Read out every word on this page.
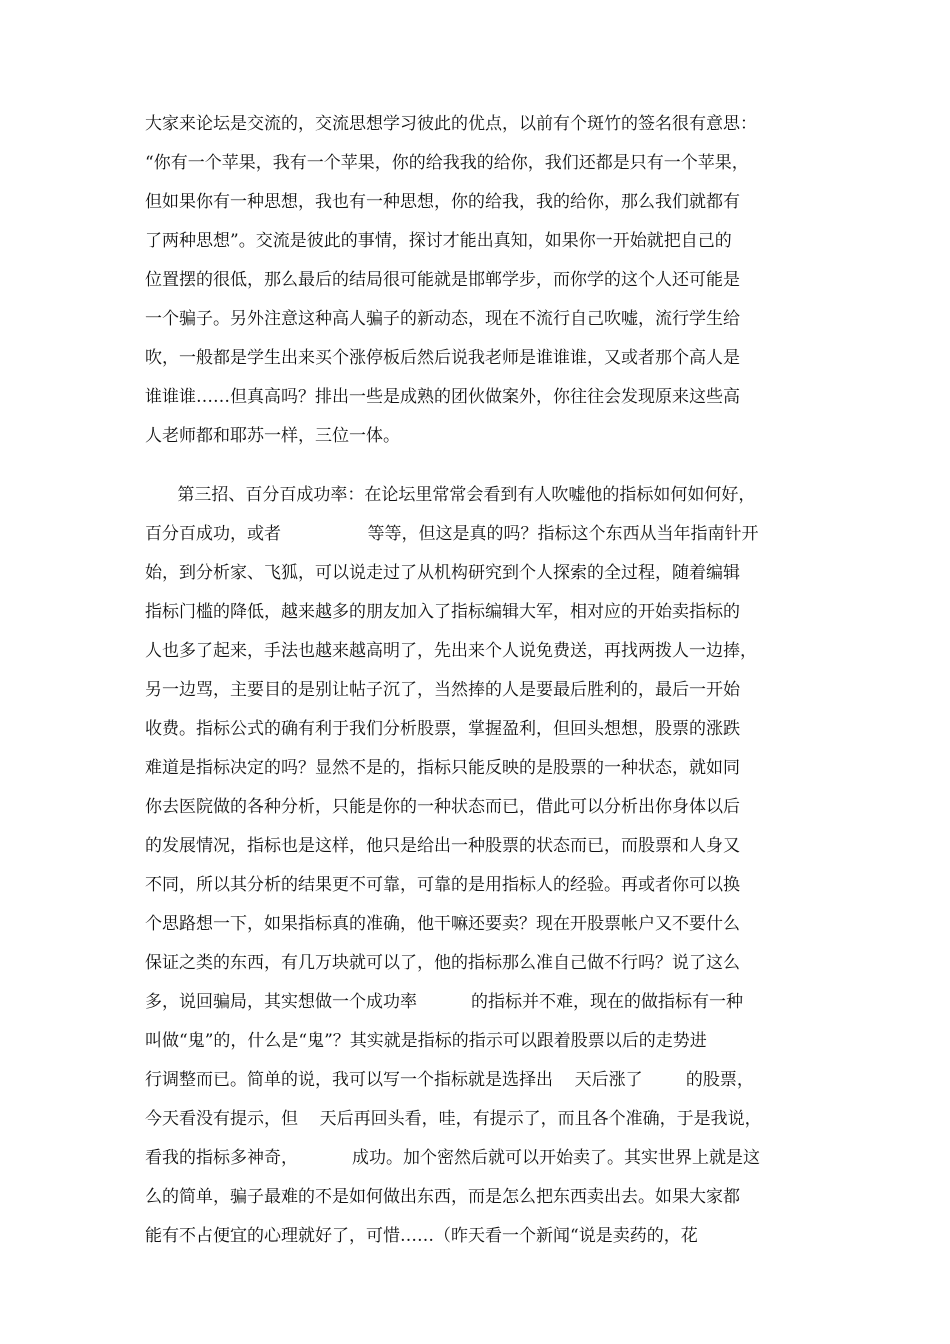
大家来论坛是交流的，交流思想学习彼此的优点，以前有个斑竹的签名很有意思：
“你有一个苹果，我有一个苹果，你的给我我的给你，我们还都是只有一个苹果，
但如果你有一种思想，我也有一种思想，你的给我，我的给你，那么我们就都有
了两种思想”。交流是彼此的事情，探讨才能出真知，如果你一开始就把自己的
位置摆的很低，那么最后的结局很可能就是邯郸学步，而你学的这个人还可能是
一个骗子。另外注意这种高人骗子的新动态，现在不流行自己吹嘘，流行学生给
吹，一般都是学生出来买个涨停板后然后说我老师是谁谁谁，又或者那个高人是
谁谁谁……但真高吗？排出一些是成熟的团伙做案外，你往往会发现原来这些高
人老师都和耶苏一样，三位一体。
第三招、百分百成功率：在论坛里常常会看到有人吹嘘他的指标如何如何好，
百分百成功，或者                等等，但这是真的吗？指标这个东西从当年指南针开
始，到分析家、飞狐，可以说走过了从机构研究到个人探索的全过程，随着编辑
指标门槛的降低，越来越多的朋友加入了指标编辑大军，相对应的开始卖指标的
人也多了起来，手法也越来越高明了，先出来个人说免费送，再找两拨人一边捧，
另一边骂，主要目的是别让帖子沉了，当然捧的人是要最后胜利的，最后一开始
收费。指标公式的确有利于我们分析股票，掌握盈利，但回头想想，股票的涨跌
难道是指标决定的吗？显然不是的，指标只能反映的是股票的一种状态，就如同
你去医院做的各种分析，只能是你的一种状态而已，借此可以分析出你身体以后
的发展情况，指标也是这样，他只是给出一种股票的状态而已，而股票和人身又
不同，所以其分析的结果更不可靠，可靠的是用指标人的经验。再或者你可以换
个思路想一下，如果指标真的准确，他干嘛还要卖？现在开股票帐户又不要什么
保证之类的东西，有几万块就可以了，他的指标那么准自己做不行吗？说了这么
多，说回骗局，其实想做一个成功率          的指标并不难，现在的做指标有一种
叫做“鬼”的，什么是“鬼”？其实就是指标的指示可以跟着股票以后的走势进
行调整而已。简单的说，我可以写一个指标就是选择出    天后涨了        的股票，
今天看没有提示，但    天后再回头看，哇，有提示了，而且各个准确，于是我说，
看我的指标多神奇，          成功。加个密然后就可以开始卖了。其实世界上就是这
么的简单，骗子最难的不是如何做出东西，而是怎么把东西卖出去。如果大家都
能有不占便宜的心理就好了，可惜……（昨天看一个新闻“说是卖药的，花
